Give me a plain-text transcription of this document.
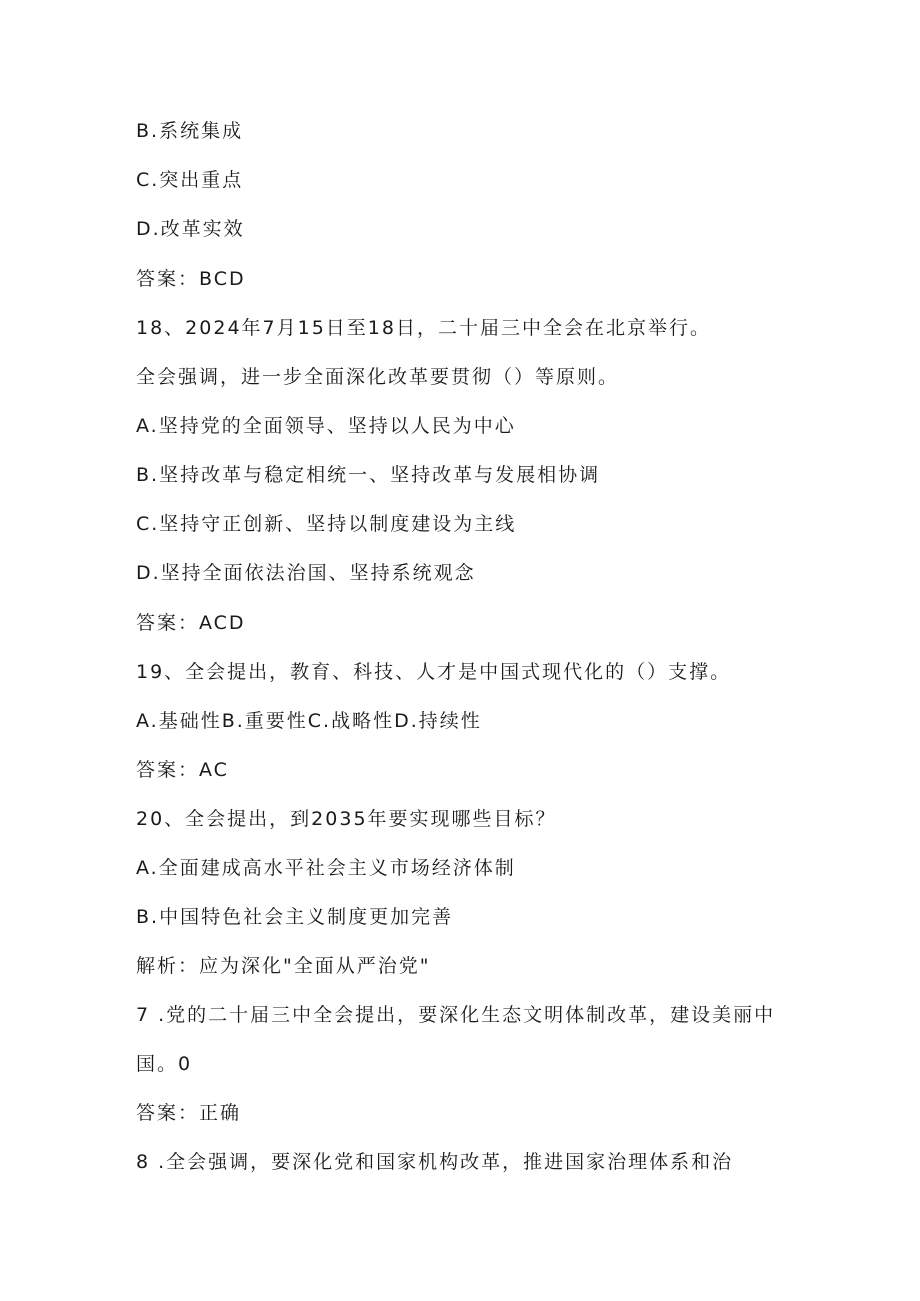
B.系统集成
C.突出重点
D.改革实效
答案：BCD
18、2024年7月15日至18日，二十届三中全会在北京举行。
全会强调，进一步全面深化改革要贯彻（）等原则。
A.坚持党的全面领导、坚持以人民为中心
B.坚持改革与稳定相统一、坚持改革与发展相协调
C.坚持守正创新、坚持以制度建设为主线
D.坚持全面依法治国、坚持系统观念
答案：ACD
19、全会提出，教育、科技、人才是中国式现代化的（）支撑。
A.基础性B.重要性C.战略性D.持续性
答案：AC
20、全会提出，到2035年要实现哪些目标？
A.全面建成高水平社会主义市场经济体制
B.中国特色社会主义制度更加完善
解析：应为深化"全面从严治党"
7 .党的二十届三中全会提出，要深化生态文明体制改革，建设美丽中
国。0
答案：正确
8 .全会强调，要深化党和国家机构改革，推进国家治理体系和治
